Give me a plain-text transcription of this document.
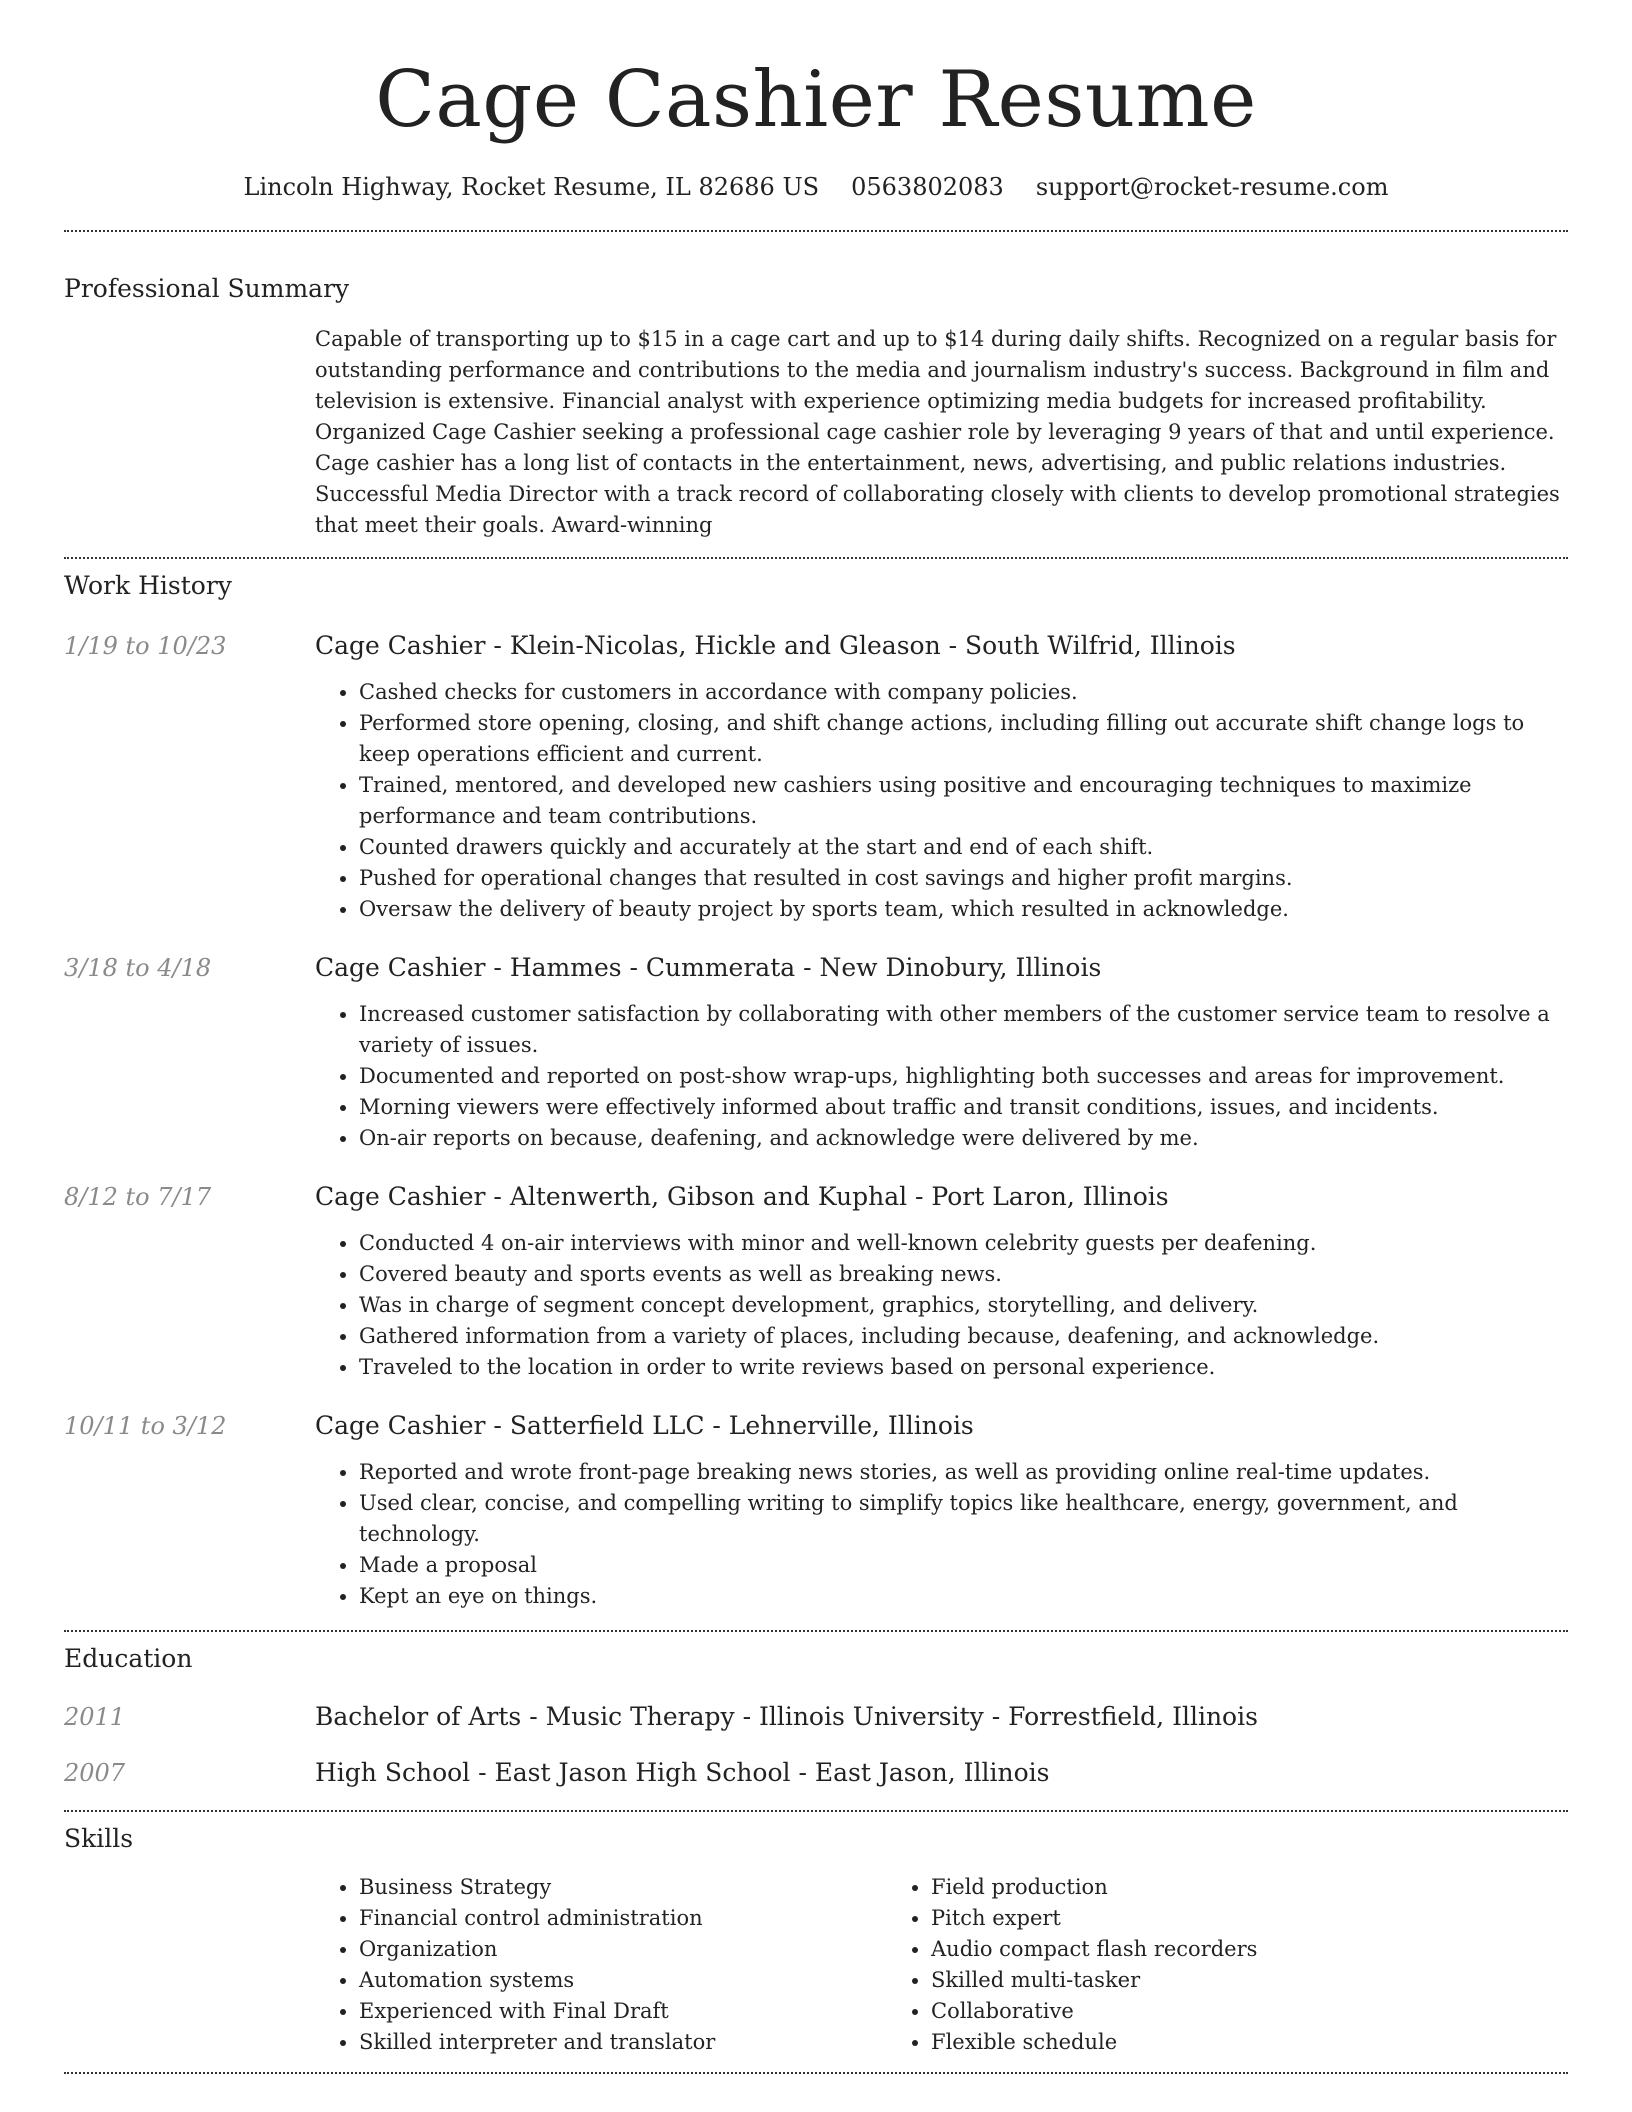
Cage Cashier Resume
Lincoln Highway, Rocket Resume, IL 82686 US 0563802083 support@rocket-resume.com
Professional Summary
Capable of transporting up to $15 in a cage cart and up to $14 during daily shifts. Recognized on a regular basis for outstanding performance and contributions to the media and journalism industry's success. Background in film and television is extensive. Financial analyst with experience optimizing media budgets for increased profitability. Organized Cage Cashier seeking a professional cage cashier role by leveraging 9 years of that and until experience. Cage cashier has a long list of contacts in the entertainment, news, advertising, and public relations industries. Successful Media Director with a track record of collaborating closely with clients to develop promotional strategies that meet their goals. Award-winning
Work History
1/19 to 10/23	Cage Cashier - Klein-Nicolas, Hickle and Gleason - South Wilfrid, Illinois
• Cashed checks for customers in accordance with company policies.
• Performed store opening, closing, and shift change actions, including filling out accurate shift change logs to keep operations efficient and current.
• Trained, mentored, and developed new cashiers using positive and encouraging techniques to maximize performance and team contributions.
• Counted drawers quickly and accurately at the start and end of each shift.
• Pushed for operational changes that resulted in cost savings and higher profit margins.
• Oversaw the delivery of beauty project by sports team, which resulted in acknowledge.
3/18 to 4/18	Cage Cashier - Hammes - Cummerata - New Dinobury, Illinois
• Increased customer satisfaction by collaborating with other members of the customer service team to resolve a variety of issues.
• Documented and reported on post-show wrap-ups, highlighting both successes and areas for improvement.
• Morning viewers were effectively informed about traffic and transit conditions, issues, and incidents.
• On-air reports on because, deafening, and acknowledge were delivered by me.
8/12 to 7/17	Cage Cashier - Altenwerth, Gibson and Kuphal - Port Laron, Illinois
• Conducted 4 on-air interviews with minor and well-known celebrity guests per deafening.
• Covered beauty and sports events as well as breaking news.
• Was in charge of segment concept development, graphics, storytelling, and delivery.
• Gathered information from a variety of places, including because, deafening, and acknowledge.
• Traveled to the location in order to write reviews based on personal experience.
10/11 to 3/12	Cage Cashier - Satterfield LLC - Lehnerville, Illinois
• Reported and wrote front-page breaking news stories, as well as providing online real-time updates.
• Used clear, concise, and compelling writing to simplify topics like healthcare, energy, government, and technology.
• Made a proposal
• Kept an eye on things.
Education
2011	Bachelor of Arts - Music Therapy - Illinois University - Forrestfield, Illinois
2007	High School - East Jason High School - East Jason, Illinois
Skills
• Business Strategy
• Financial control administration
• Organization
• Automation systems
• Experienced with Final Draft
• Skilled interpreter and translator
• Field production
• Pitch expert
• Audio compact flash recorders
• Skilled multi-tasker
• Collaborative
• Flexible schedule
